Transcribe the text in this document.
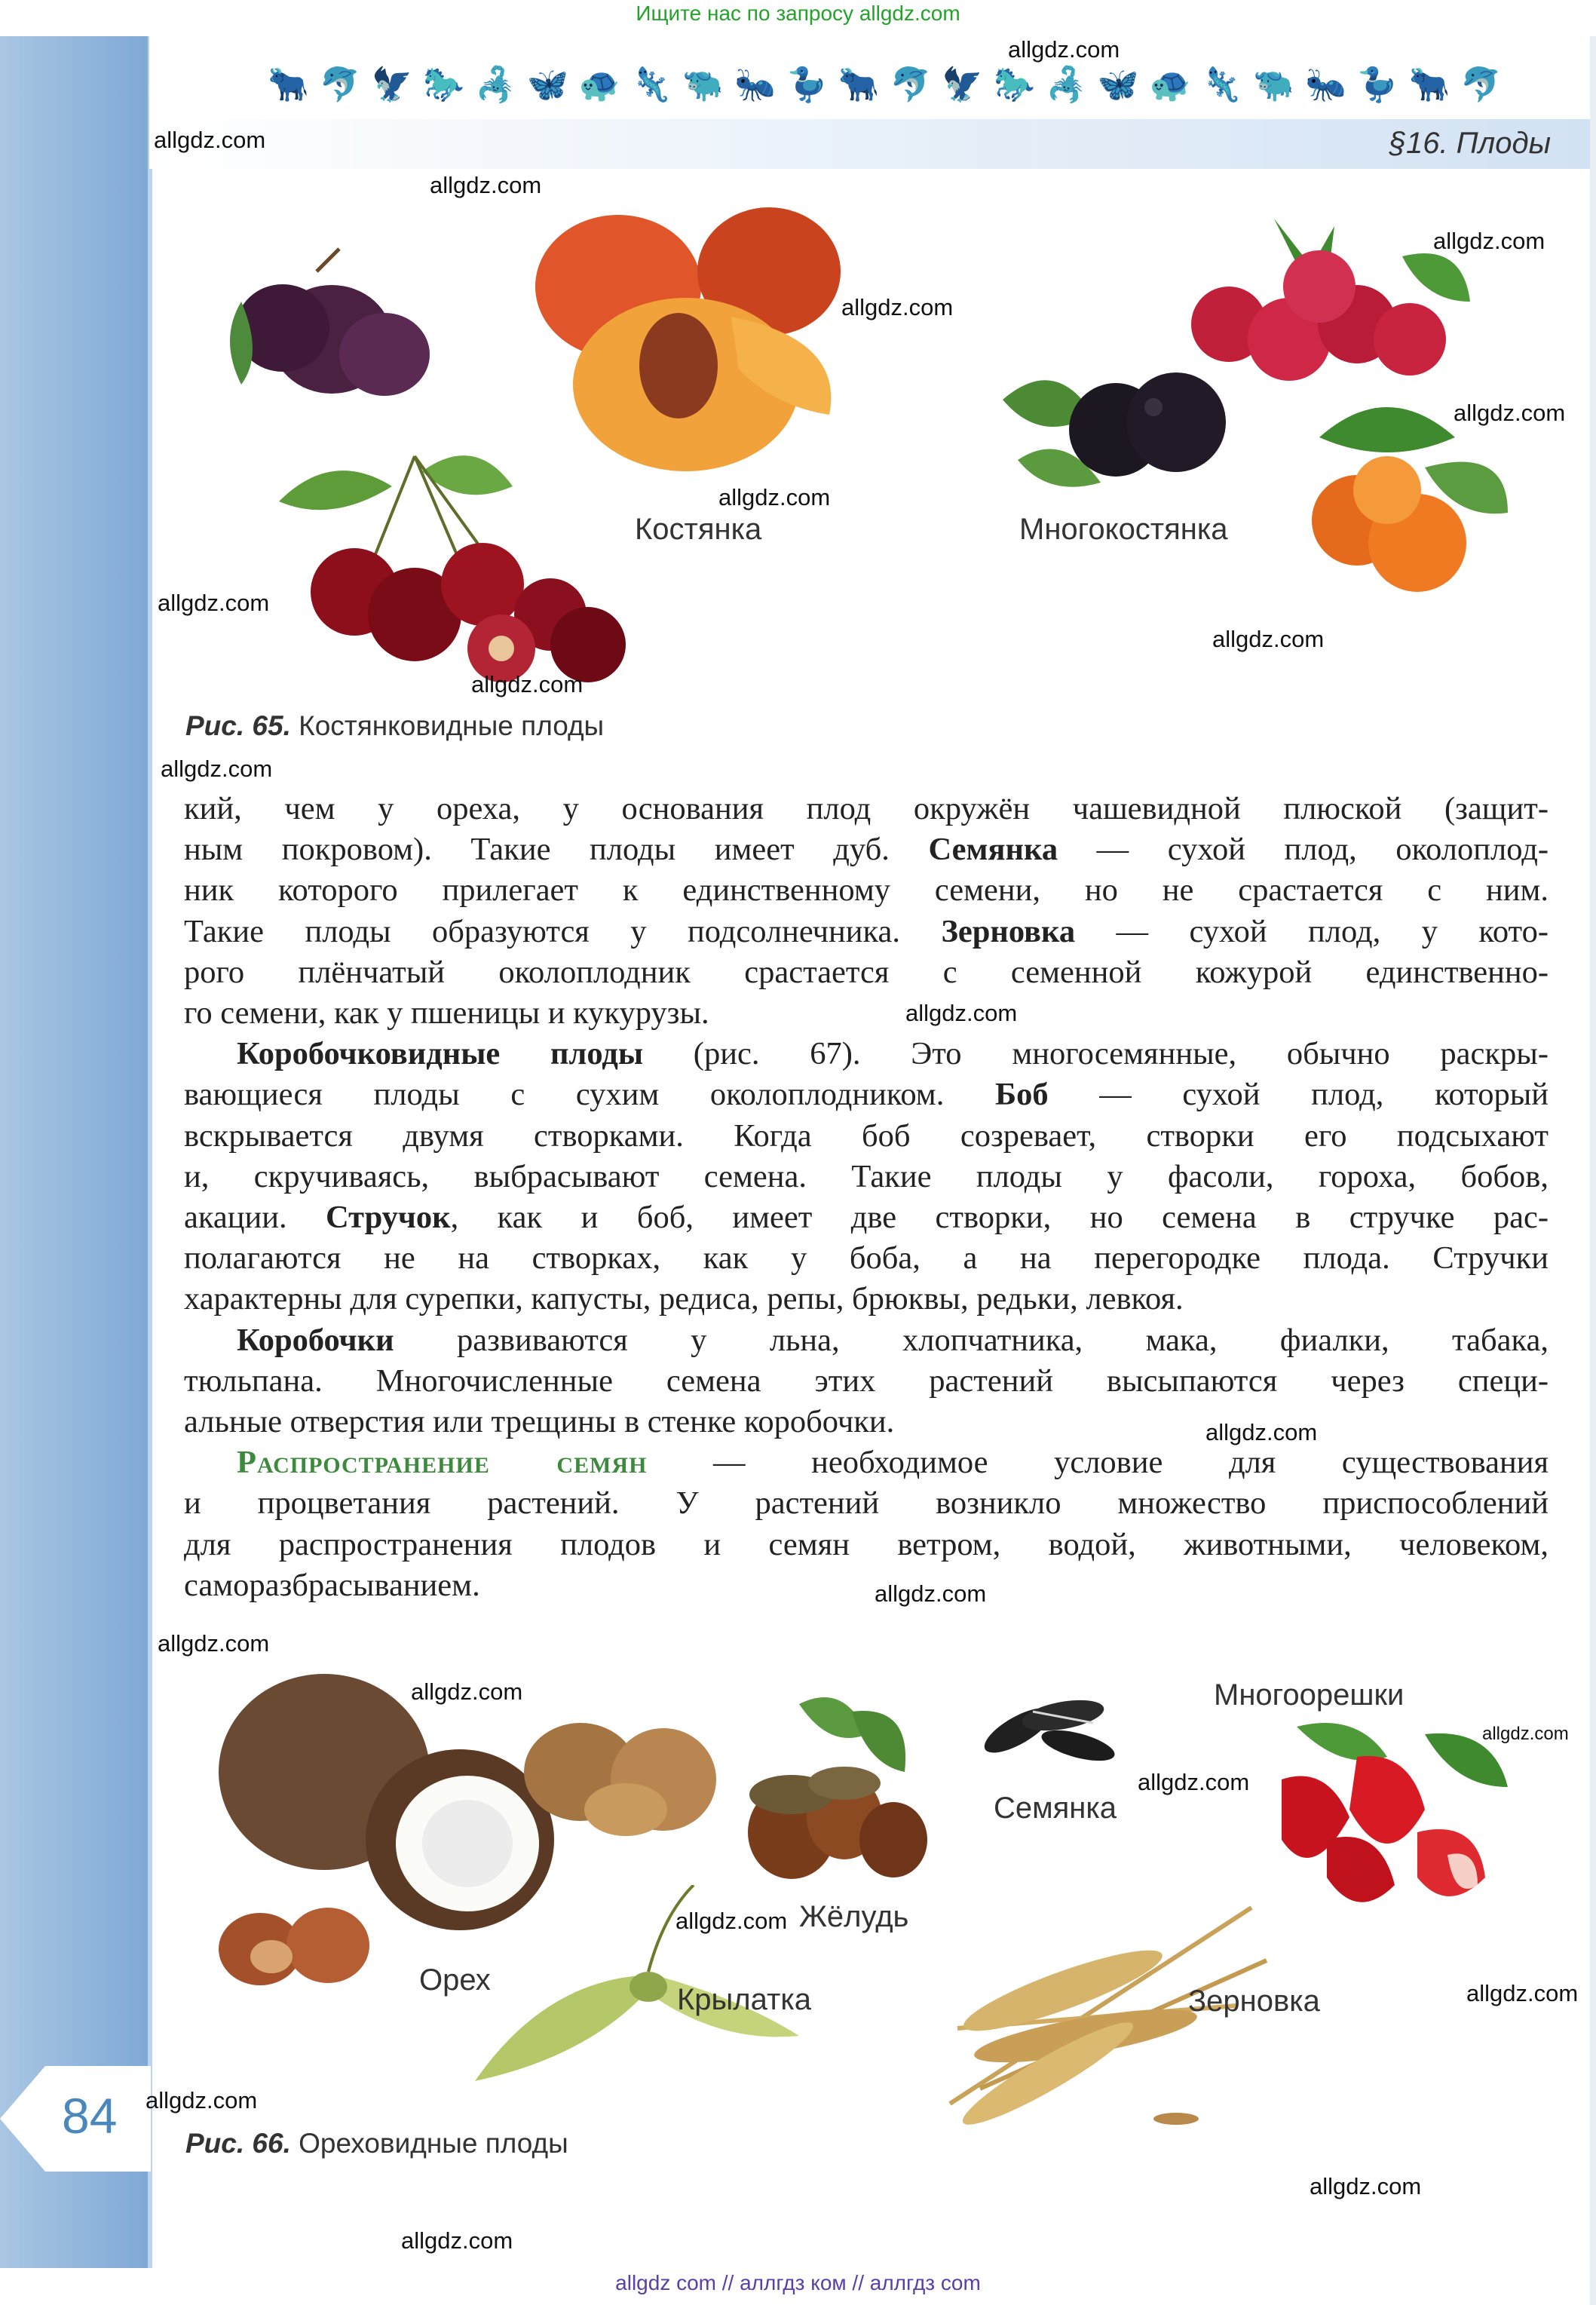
Ищите нас по запросу allgdz.com
🐂 🐬 🦅 🐎 🦂 🦋 🐢 🦎 🐃 🐜 🦆 🐂 🐬 🦅 🐎 🦂 🦋 🐢 🦎 🐃 🐜 🦆 🐂 🐬
§16. Плоды
Костянка	Многокостянка
Рис. 65. Костянковидные плоды

кий, чем у ореха, у основания плод окружён чашевидной плюской (защит-
ным покровом). Такие плоды имеет дуб. Семянка — сухой плод, околоплод-
ник которого прилегает к единственному семени, но не срастается с ним.
Такие плоды образуются у подсолнечника. Зерновка — сухой плод, у кото-
рого плёнчатый околоплодник срастается с семенной кожурой единственно-
го семени, как у пшеницы и кукурузы.

Коробочковидные плоды (рис. 67). Это многосемянные, обычно раскры-
вающиеся плоды с сухим околоплодником. Боб — сухой плод, который
вскрывается двумя створками. Когда боб созревает, створки его подсыхают
и, скручиваясь, выбрасывают семена. Такие плоды у фасоли, гороха, бобов,
акации. Стручок, как и боб, имеет две створки, но семена в стручке рас-
полагаются не на створках, как у боба, а на перегородке плода. Стручки
характерны для сурепки, капусты, редиса, репы, брюквы, редьки, левкоя.

Коробочки развиваются у льна, хлопчатника, мака, фиалки, табака,
тюльпана. Многочисленные семена этих растений высыпаются через специ-
альные отверстия или трещины в стенке коробочки.

Распространение семян — необходимое условие для существования
и процветания растений. У растений возникло множество приспособлений
для распространения плодов и семян ветром, водой, животными, человеком,
саморазбрасыванием.

Орех
Крылатка
Жёлудь
Семянка
Многоорешки
Зерновка
84 Рис. 66. Ореховидные плоды
allgdz.com
allgdz.com
allgdz.com
allgdz.com
allgdz.com
allgdz.com
allgdz.com
allgdz.com
allgdz.com
allgdz.com
allgdz.com
allgdz.com
allgdz.com
allgdz.com
allgdz.com
allgdz.com
allgdz.com
allgdz.com
allgdz.com
allgdz.com
allgdz.com
allgdz.com
allgdz.com
allgdz com // аллгдз ком // аллгдз com
